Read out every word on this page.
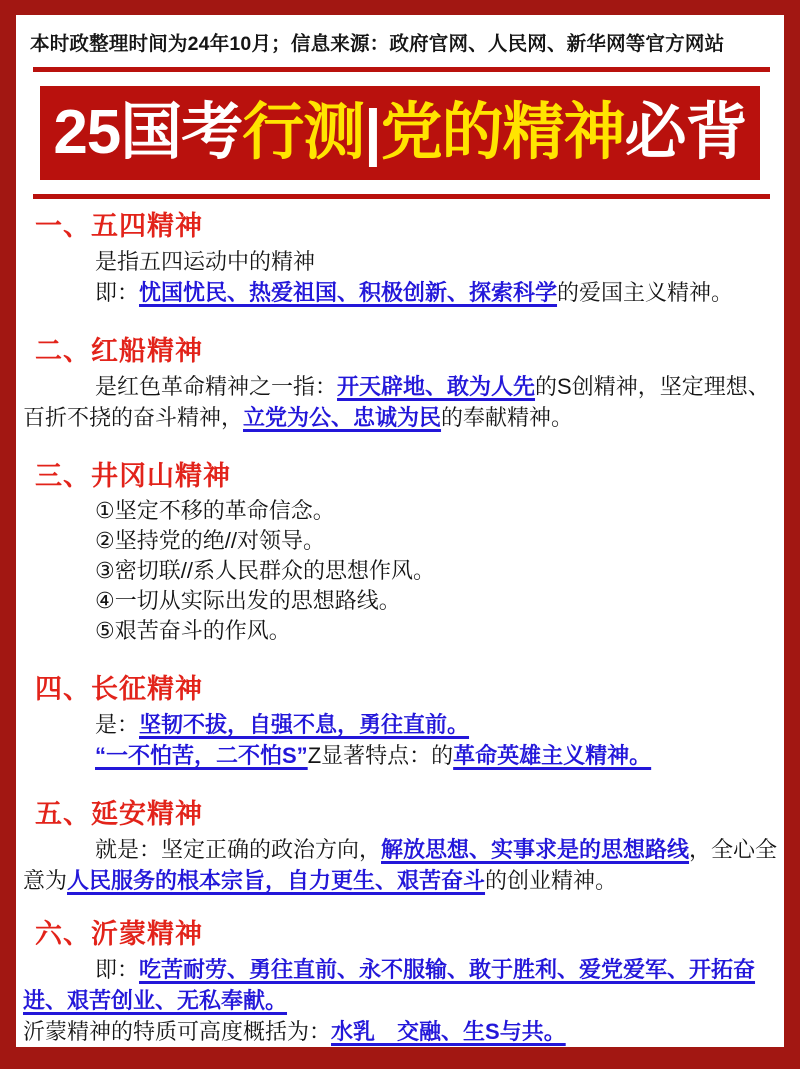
本时政整理时间为24年10月；信息来源：政府官网、人民网、新华网等官方网站
25国考 行测 | 党的精神 必背
一、五四精神
是指五四运动中的精神
即：忧国忧民、热爱祖国、积极创新、探索科学的爱国主义精神。
二、红船精神
是红色革命精神之一指：开天辟地、敢为人先的S创精神，坚定理想、
百折不挠的奋斗精神，立党为公、忠诚为民的奉献精神。
三、井冈山精神
①坚定不移的革命信念。
②坚持党的绝//对领导。
③密切联//系人民群众的思想作风。
④一切从实际出发的思想路线。
⑤艰苦奋斗的作风。
四、长征精神
是：坚韧不拔，自强不息，勇往直前。
“一不怕苦，二不怕S”Z显著特点：的革命英雄主义精神。
五、延安精神
就是：坚定正确的政治方向，解放思想、实事求是的思想路线，全心全
意为人民服务的根本宗旨，自力更生、艰苦奋斗的创业精神。
六、沂蒙精神
即：吃苦耐劳、勇往直前、永不服输、敢于胜利、爱党爱军、开拓奋
进、艰苦创业、无私奉献。
沂蒙精神的特质可高度概括为：水乳　交融、生S与共。
